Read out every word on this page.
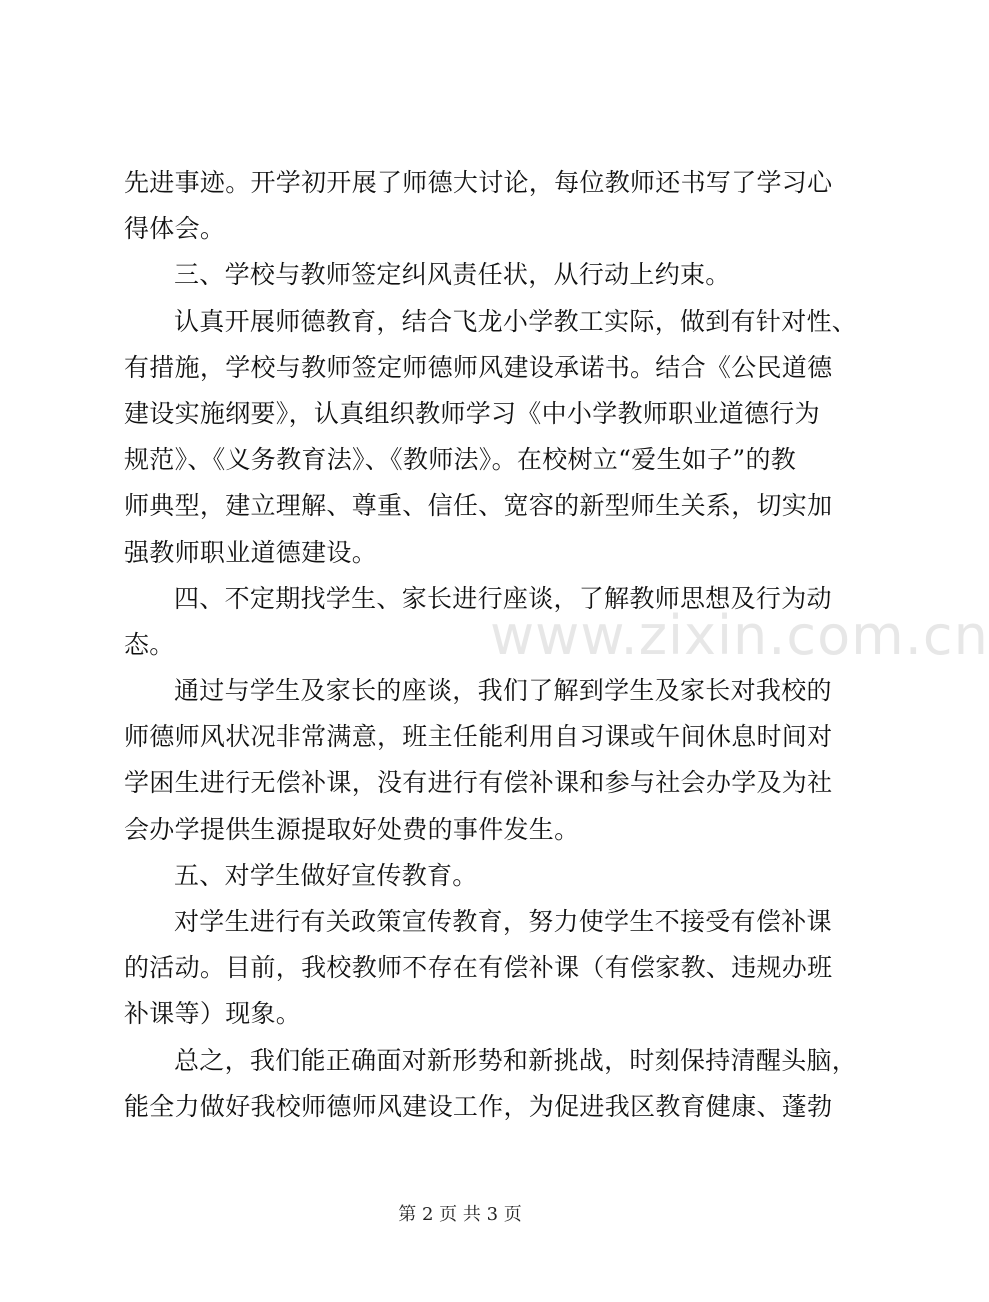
先进事迹。开学初开展了师德大讨论，每位教师还书写了学习心
得体会。
三、学校与教师签定纠风责任状，从行动上约束。
认真开展师德教育，结合飞龙小学教工实际，做到有针对性、
有措施，学校与教师签定师德师风建设承诺书。结合《公民道德
建设实施纲要》，认真组织教师学习《中小学教师职业道德行为
规范》、《义务教育法》、《教师法》。在校树立“爱生如子”的教
师典型，建立理解、尊重、信任、宽容的新型师生关系，切实加
强教师职业道德建设。
四、不定期找学生、家长进行座谈，了解教师思想及行为动
态。
通过与学生及家长的座谈，我们了解到学生及家长对我校的
师德师风状况非常满意，班主任能利用自习课或午间休息时间对
学困生进行无偿补课，没有进行有偿补课和参与社会办学及为社
会办学提供生源提取好处费的事件发生。
五、对学生做好宣传教育。
对学生进行有关政策宣传教育，努力使学生不接受有偿补课
的活动。目前，我校教师不存在有偿补课（有偿家教、违规办班
补课等）现象。
总之，我们能正确面对新形势和新挑战，时刻保持清醒头脑，
能全力做好我校师德师风建设工作，为促进我区教育健康、蓬勃
www.zixin.com.cn
第 2 页 共 3 页
